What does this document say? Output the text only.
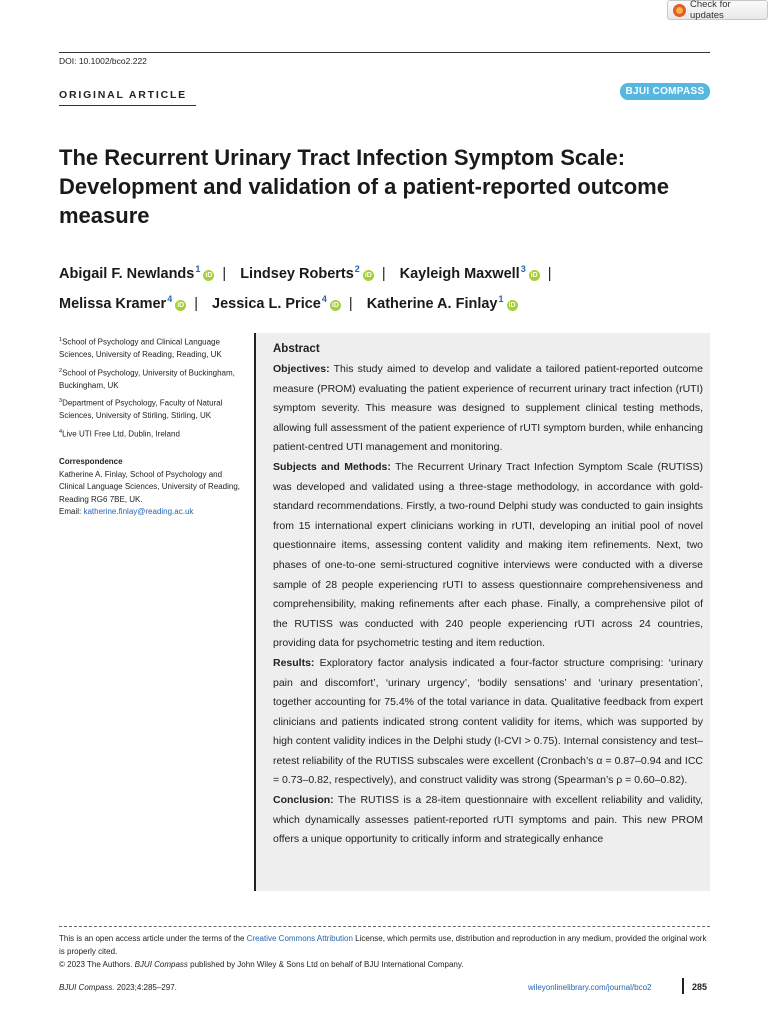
Check for updates
DOI: 10.1002/bco2.222
ORIGINAL ARTICLE	BJUI COMPASS
The Recurrent Urinary Tract Infection Symptom Scale: Development and validation of a patient-reported outcome measure
Abigail F. Newlands$^1$iD | Lindsey Roberts$^2$iD | Kayleigh Maxwell$^3$iD |
Melissa Kramer$^4$iD | Jessica L. Price$^4$iD | Katherine A. Finlay$^1$iD
$^1$School of Psychology and Clinical Language Sciences, University of Reading, Reading, UK
$^2$School of Psychology, University of Buckingham, Buckingham, UK
$^3$Department of Psychology, Faculty of Natural Sciences, University of Stirling, Stirling, UK
$^4$Live UTI Free Ltd, Dublin, Ireland
Correspondence
Katherine A. Finlay, School of Psychology and Clinical Language Sciences, University of Reading, Reading RG6 7BE, UK.
Email: katherine.finlay@reading.ac.uk
Abstract

Objectives: This study aimed to develop and validate a tailored patient-reported outcome measure (PROM) evaluating the patient experience of recurrent urinary tract infection (rUTI) symptom severity. This measure was designed to supplement clinical testing methods, allowing full assessment of the patient experience of rUTI symptom burden, while enhancing patient-centred UTI management and monitoring.

Subjects and Methods: The Recurrent Urinary Tract Infection Symptom Scale (RUTISS) was developed and validated using a three-stage methodology, in accordance with gold-standard recommendations. Firstly, a two-round Delphi study was conducted to gain insights from 15 international expert clinicians working in rUTI, developing an initial pool of novel questionnaire items, assessing content validity and making item refinements. Next, two phases of one-to-one semi-structured cognitive interviews were conducted with a diverse sample of 28 people experiencing rUTI to assess questionnaire comprehensiveness and comprehensibility, making refinements after each phase. Finally, a comprehensive pilot of the RUTISS was conducted with 240 people experiencing rUTI across 24 countries, providing data for psychometric testing and item reduction.

Results: Exploratory factor analysis indicated a four-factor structure comprising: ‘urinary pain and discomfort’, ‘urinary urgency’, ‘bodily sensations’ and ‘urinary presentation’, together accounting for 75.4% of the total variance in data. Qualitative feedback from expert clinicians and patients indicated strong content validity for items, which was supported by high content validity indices in the Delphi study (I-CVI > 0.75). Internal consistency and test–retest reliability of the RUTISS subscales were excellent (Cronbach’s α = 0.87–0.94 and ICC = 0.73–0.82, respectively), and construct validity was strong (Spearman’s ρ = 0.60–0.82).

Conclusion: The RUTISS is a 28-item questionnaire with excellent reliability and validity, which dynamically assesses patient-reported rUTI symptoms and pain. This new PROM offers a unique opportunity to critically inform and strategically enhance

This is an open access article under the terms of the Creative Commons Attribution License, which permits use, distribution and reproduction in any medium, provided the original work is properly cited.
© 2023 The Authors. BJUI Compass published by John Wiley & Sons Ltd on behalf of BJU International Company.
BJUI Compass. 2023;4:285–297.	wileyonlinelibrary.com/journal/bco2	285
